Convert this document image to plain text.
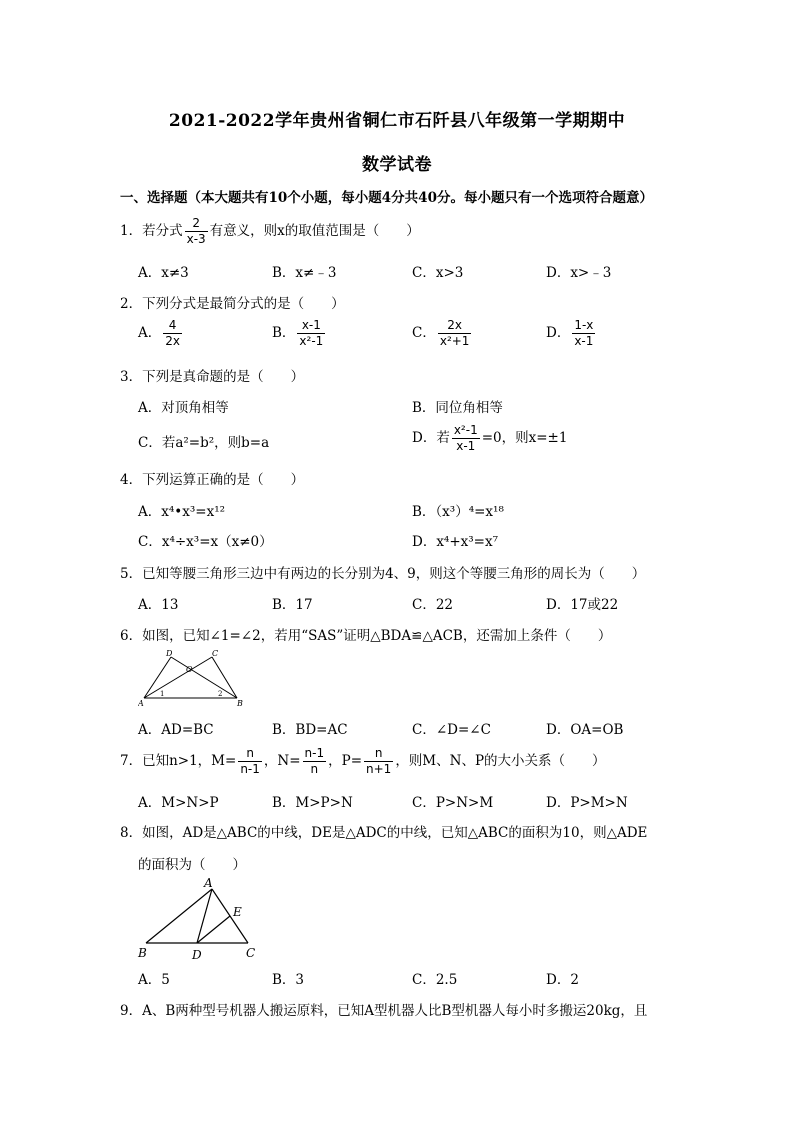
2021-2022学年贵州省铜仁市石阡县八年级第一学期期中
数学试卷
一、选择题（本大题共有10个小题，每小题4分共40分。每小题只有一个选项符合题意）
1．若分式 $\frac{2}{x-3}$ 有意义，则x的取值范围是（　　）
A．x≠3	B．x≠﹣3	C．x>3	D．x>﹣3
2．下列分式是最简分式的是（　　）
A． $\frac{4}{2x}$	B． $\frac{x-1}{\text{x²-1}}$	C． $\frac{2x}{\text{x²+1}}$	D． $\frac{1-x}{x-1}$
3．下列是真命题的是（　　）
A．对顶角相等	B．同位角相等
C．若a²=b²，则b=a	D．若 $\frac{\text{x²-1}}{x-1} =0$，则x=±1
4．下列运算正确的是（　　）
A．x⁴•x³=x¹²	B．（x³）⁴=x¹⁸
C．x⁴÷x³=x（x≠0）	D．x⁴+x³=x⁷
5．已知等腰三角形三边中有两边的长分别为4、9，则这个等腰三角形的周长为（　　）
A．13	B．17	C．22	D．17或22
6．如图，已知∠1=∠2，若用“SAS”证明△BDA≌△ACB，还需加上条件（　　）
D	C
O
A	B
1	2
A．AD=BC	B．BD=AC	C．∠D=∠C	D．OA=OB
7．已知n>1，$M= \frac{n}{n-1}$ ，$N= \frac{n-1}{n}$ ，$P= \frac{n}{n+1}$ ，则M、N、P的大小关系（　　）
A．M>N>P	B．M>P>N	C．P>N>M	D．P>M>N
8．如图，AD是△ABC的中线，DE是△ADC的中线，已知△ABC的面积为10，则△ADE
的面积为（　　）
A
B	C
D
E
A．5	B．3	C．2.5	D．2
9．A、B两种型号机器人搬运原料，已知A型机器人比B型机器人每小时多搬运20kg，且
